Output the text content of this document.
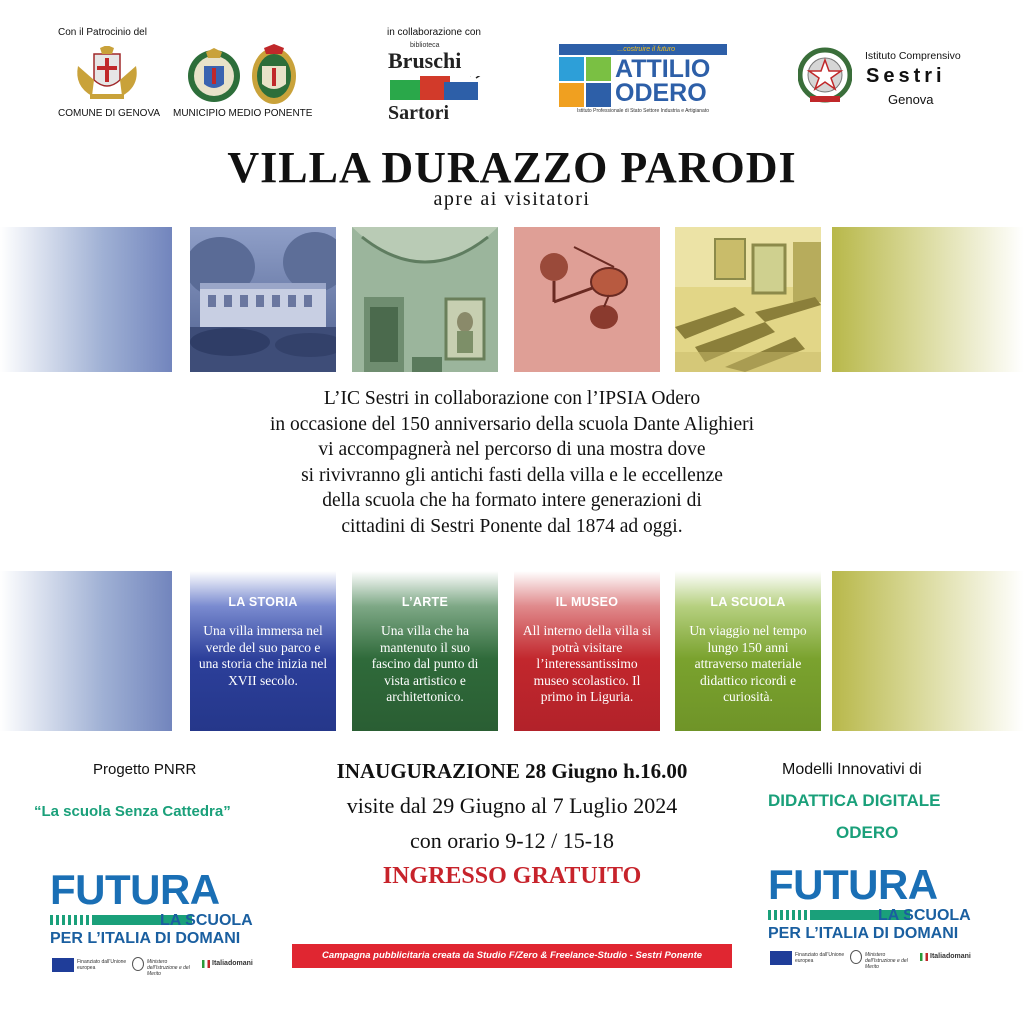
Con il Patrocinio del
COMUNE DI GENOVA MUNICIPIO MEDIO PONENTE
in collaborazione con
biblioteca
Bruschi
Sartori
...costruire il futuro
ATTILIO
ODERO
Istituto Professionale di Stato Settore Industria e Artigianato
Istituto Comprensivo
Sestri
Genova
VILLA DURAZZO PARODI
apre ai visitatori
L’IC Sestri in collaborazione con l’IPSIA Odero
in occasione del 150 anniversario della scuola Dante Alighieri
vi accompagnerà nel percorso di una mostra dove
si rivivranno gli antichi fasti della villa e le eccellenze
della scuola che ha formato intere generazioni di
cittadini di Sestri Ponente dal 1874 ad oggi.
LA STORIA
Una villa immersa nel verde del suo parco e una storia che inizia nel XVII secolo.
L’ARTE
Una villa che ha mantenuto il suo fascino dal punto di vista artistico e architettonico.
IL MUSEO
All interno della villa si potrà visitare l’interessantissimo museo scolastico. Il primo in Liguria.
LA SCUOLA
Un viaggio nel tempo lungo 150 anni attraverso materiale didattico ricordi e curiosità.
Progetto PNRR
“La scuola Senza Cattedra”
FUTURA
LA SCUOLA
PER L’ITALIA DI DOMANI
Finanziato dall’Unione europea
Ministero dell’Istruzione e del Merito
Italiadomani
INAUGURAZIONE 28 Giugno h.16.00
visite dal 29 Giugno al 7 Luglio 2024
con orario 9-12 / 15-18
INGRESSO GRATUITO
Campagna pubblicitaria creata da Studio F/Zero & Freelance-Studio - Sestri Ponente
Modelli Innovativi di
DIDATTICA DIGITALE
ODERO
FUTURA
LA SCUOLA
PER L’ITALIA DI DOMANI
Finanziato dall’Unione europea
Ministero dell’Istruzione e del Merito
Italiadomani
